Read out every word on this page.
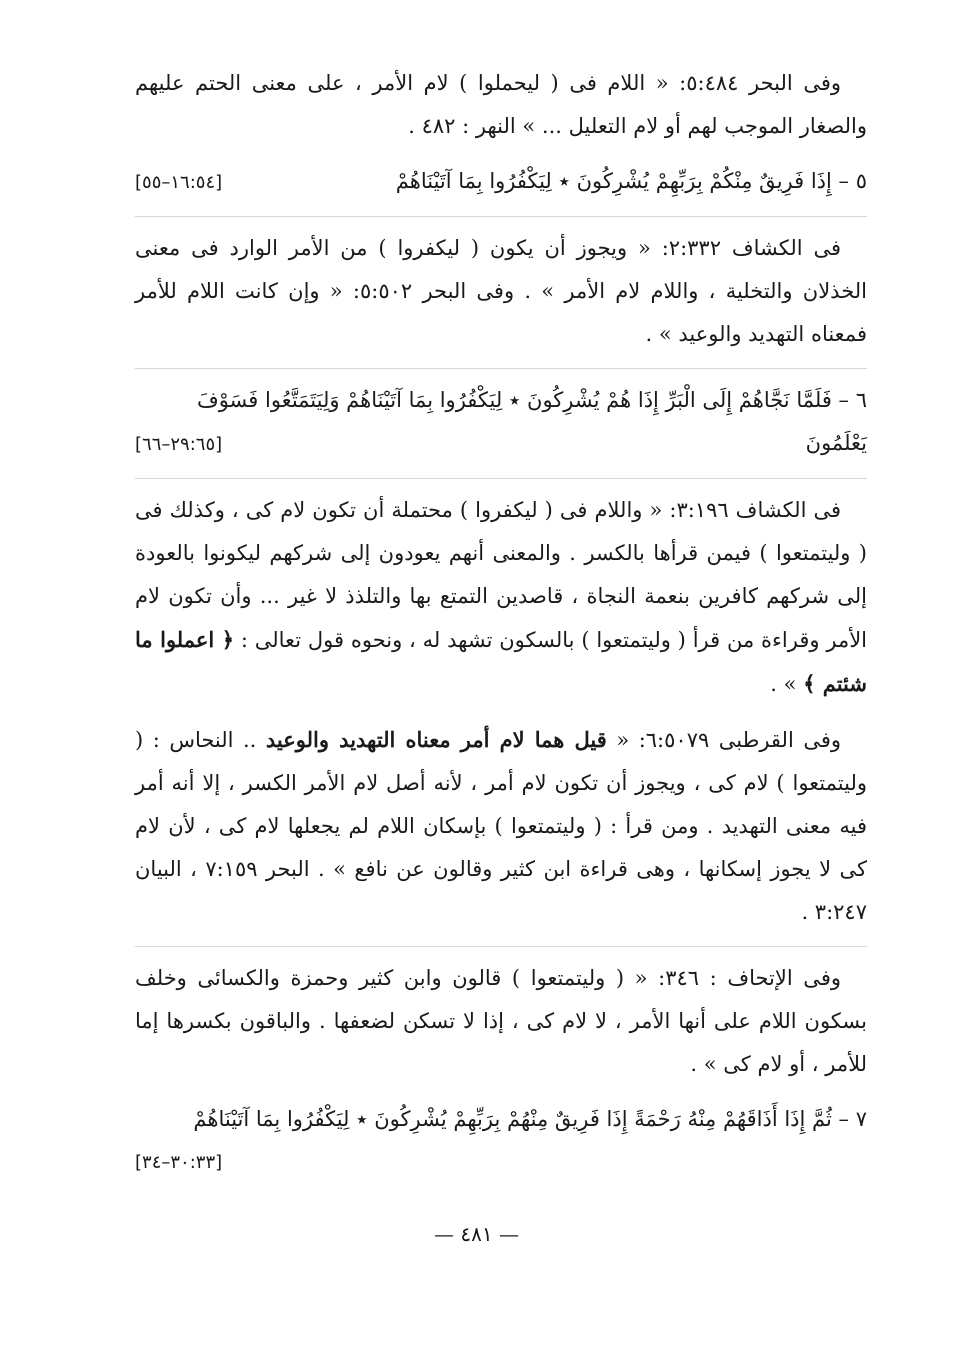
وفى البحر ٥:٤٨٤: « اللام فى ( ليحملوا ) لام الأمر ، على معنى الحتم عليهم والصغار الموجب لهم أو لام التعليل ... » النهر : ٤٨٢ .

٥ – إِذَا فَرِيقٌ مِنْكُمْ بِرَبِّهِمْ يُشْرِكُونَ ‌٭ لِيَكْفُرُوا بِمَا آتَيْنَاهُمْ
[١٦:٥٤–٥٥]

فى الكشاف ٢:٣٣٢: « ويجوز أن يكون ( ليكفروا ) من الأمر الوارد فى معنى الخذلان والتخلية ، واللام لام الأمر » . وفى البحر ٥:٥٠٢: « وإن كانت اللام للأمر فمعناه التهديد والوعيد » .

٦ – فَلَمَّا نَجَّاهُمْ إِلَى الْبَرِّ إِذَا هُمْ يُشْرِكُونَ ‌٭ لِيَكْفُرُوا بِمَا آتَيْنَاهُمْ وَلِيَتَمَتَّعُوا فَسَوْفَ
يَعْلَمُونَ
[٢٩:٦٥–٦٦]

فى الكشاف ٣:١٩٦: « واللام فى ( ليكفروا ) محتملة أن تكون لام كى ، وكذلك فى ( وليتمتعوا ) فيمن قرأها بالكسر . والمعنى أنهم يعودون إلى شركهم ليكونوا بالعودة إلى شركهم كافرين بنعمة النجاة ، قاصدين التمتع بها والتلذذ لا غير ... وأن تكون لام الأمر وقراءة من قرأ ( وليتمتعوا ) بالسكون تشهد له ، ونحوه قول تعالى : ﴿ اعملوا ما شئتم ﴾ » .

وفى القرطبى ٦:٥٠٧٩: « قيل هما لام أمر معناه التهديد والوعيد .. النحاس : ( وليتمتعوا ) لام كى ، ويجوز أن تكون لام أمر ، لأنه أصل لام الأمر الكسر ، إلا أنه أمر فيه معنى التهديد . ومن قرأ : ( وليتمتعوا ) بإسكان اللام لم يجعلها لام كى ، لأن لام كى لا يجوز إسكانها ، وهى قراءة ابن كثير وقالون عن نافع » . البحر ٧:١٥٩ ، البيان ٣:٢٤٧ .

وفى الإتحاف : ٣٤٦: « ( وليتمتعوا ) قالون وابن كثير وحمزة والكسائى وخلف بسكون اللام على أنها الأمر ، لا لام كى ، إذا لا تسكن لضعفها . والباقون بكسرها إما للأمر ، أو لام كى » .

٧ – ثُمَّ إِذَا أَذَاقَهُمْ مِنْهُ رَحْمَةً إِذَا فَرِيقٌ مِنْهُمْ بِرَبِّهِمْ يُشْرِكُونَ ‌٭ لِيَكْفُرُوا بِمَا آتَيْنَاهُمْ
[٣٠:٣٣–٣٤]
— ٤٨١ —
